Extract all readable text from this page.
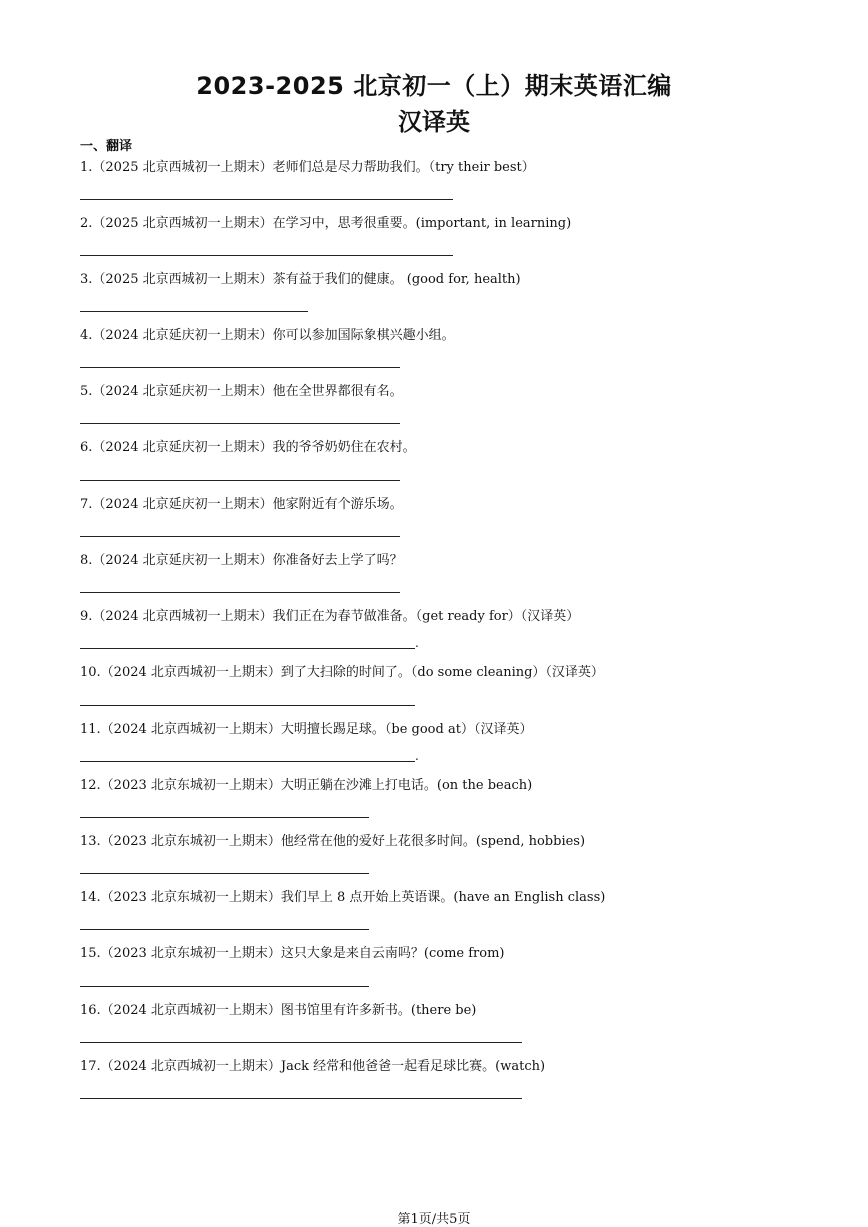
2023-2025 北京初一（上）期末英语汇编
汉译英
一、翻译
1.（2025 北京西城初一上期末）老师们总是尽力帮助我们。（try their best）
2.（2025 北京西城初一上期末）在学习中，思考很重要。(important, in learning)
3.（2025 北京西城初一上期末）茶有益于我们的健康。 (good for, health)
4.（2024 北京延庆初一上期末）你可以参加国际象棋兴趣小组。
5.（2024 北京延庆初一上期末）他在全世界都很有名。
6.（2024 北京延庆初一上期末）我的爷爷奶奶住在农村。
7.（2024 北京延庆初一上期末）他家附近有个游乐场。
8.（2024 北京延庆初一上期末）你准备好去上学了吗？
9.（2024 北京西城初一上期末）我们正在为春节做准备。（get ready for）（汉译英）
.
10.（2024 北京西城初一上期末）到了大扫除的时间了。（do some cleaning）（汉译英）
11.（2024 北京西城初一上期末）大明擅长踢足球。（be good at）（汉译英）
.
12.（2023 北京东城初一上期末）大明正躺在沙滩上打电话。(on the beach)
13.（2023 北京东城初一上期末）他经常在他的爱好上花很多时间。(spend, hobbies)
14.（2023 北京东城初一上期末）我们早上 8 点开始上英语课。(have an English class)
15.（2023 北京东城初一上期末）这只大象是来自云南吗？(come from)
16.（2024 北京西城初一上期末）图书馆里有许多新书。(there be)
17.（2024 北京西城初一上期末）Jack 经常和他爸爸一起看足球比赛。(watch)
第1页/共5页
